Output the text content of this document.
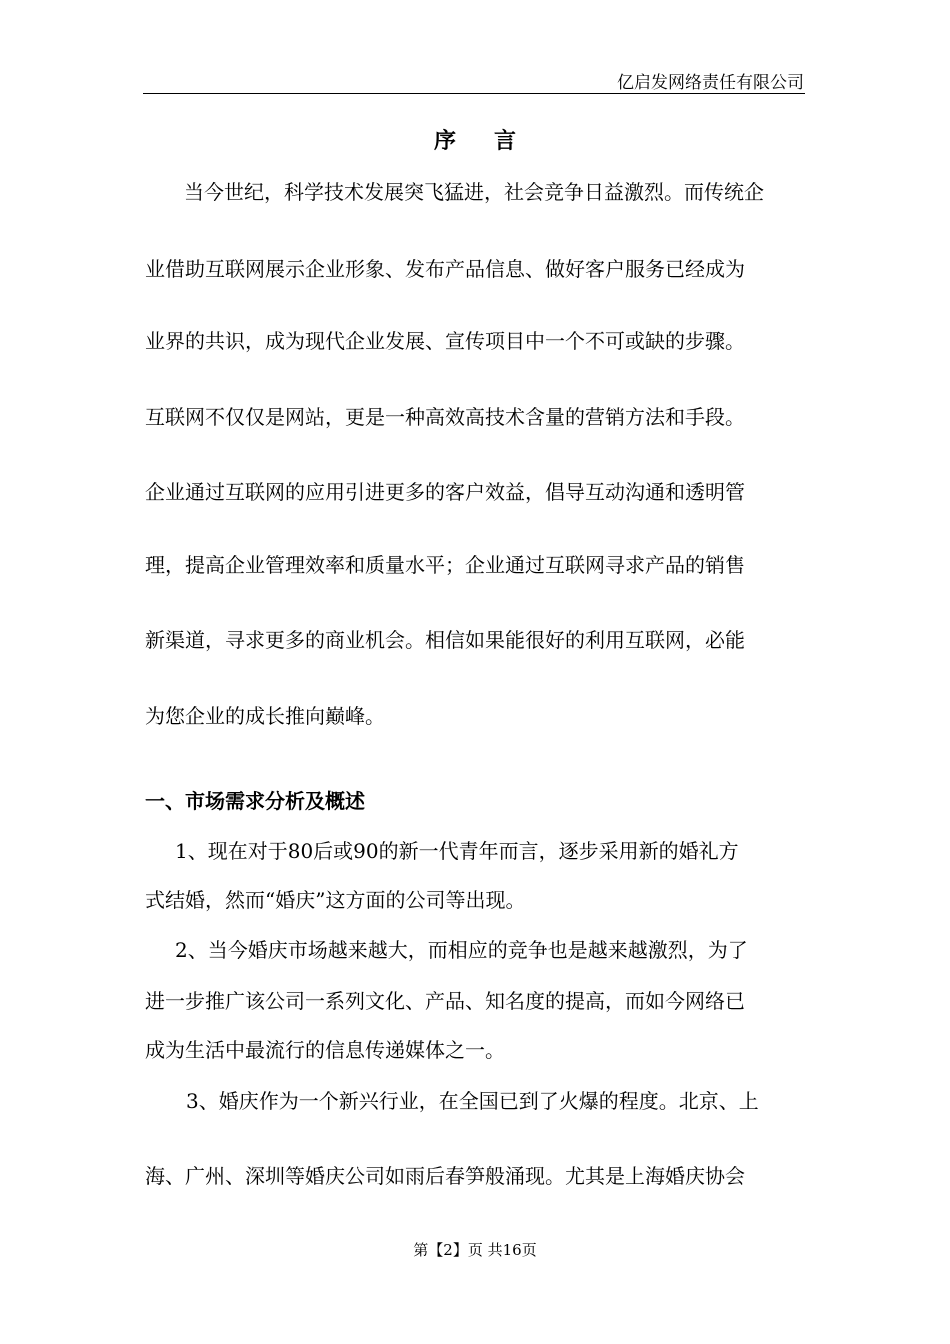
亿启发网络责任有限公司
序言
当今世纪，科学技术发展突飞猛进，社会竞争日益激烈。而传统企
业借助互联网展示企业形象、发布产品信息、做好客户服务已经成为
业界的共识，成为现代企业发展、宣传项目中一个不可或缺的步骤。
互联网不仅仅是网站，更是一种高效高技术含量的营销方法和手段。
企业通过互联网的应用引进更多的客户效益，倡导互动沟通和透明管
理，提高企业管理效率和质量水平；企业通过互联网寻求产品的销售
新渠道，寻求更多的商业机会。相信如果能很好的利用互联网，必能
为您企业的成长推向巅峰。
一、市场需求分析及概述
1、现在对于80后或90的新一代青年而言，逐步采用新的婚礼方
式结婚，然而“婚庆”这方面的公司等出现。
2、当今婚庆市场越来越大，而相应的竞争也是越来越激烈，为了
进一步推广该公司一系列文化、产品、知名度的提高，而如今网络已
成为生活中最流行的信息传递媒体之一。
3、婚庆作为一个新兴行业，在全国已到了火爆的程度。北京、上
海、广州、深圳等婚庆公司如雨后春笋般涌现。尤其是上海婚庆协会
第【2】页 共16页
